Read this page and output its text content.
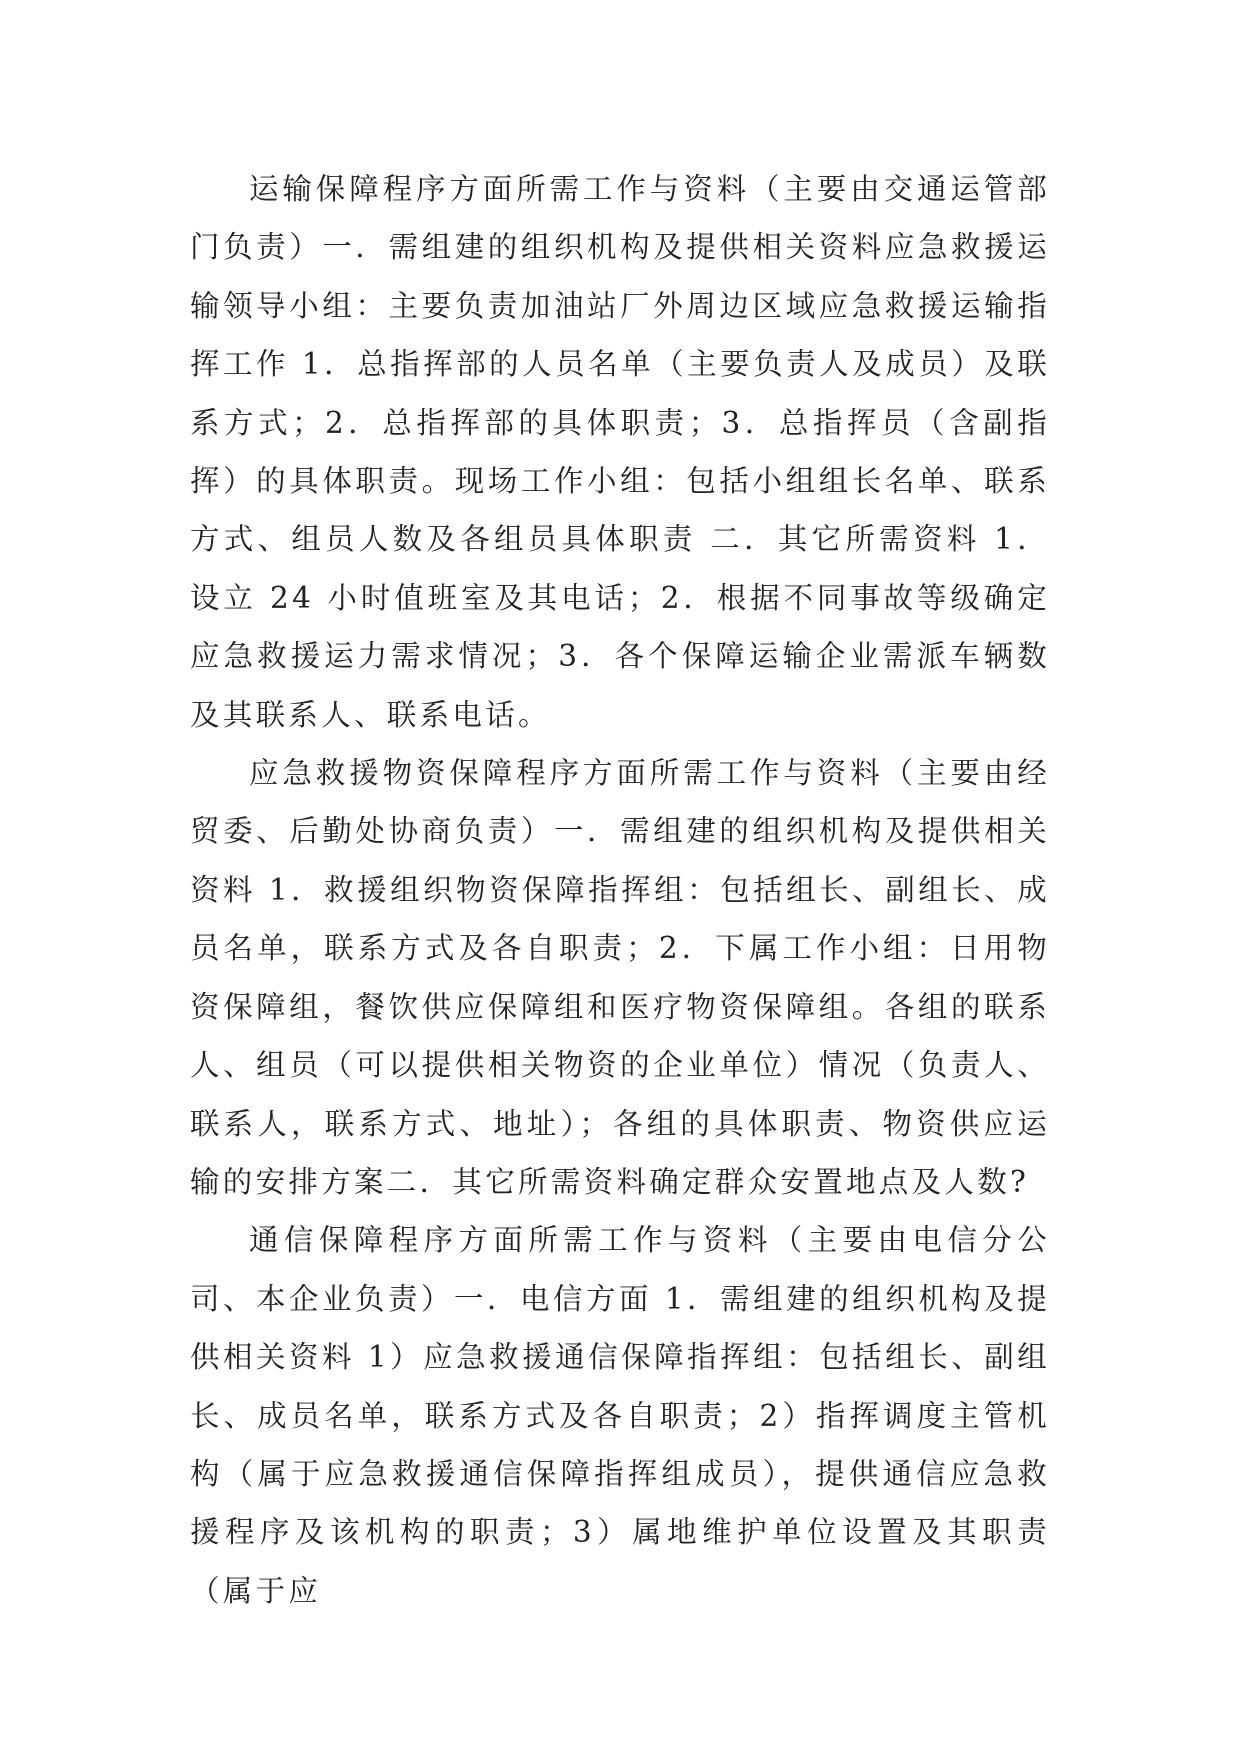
运输保障程序方面所需工作与资料（主要由交通运管部门负责）一．需组建的组织机构及提供相关资料应急救援运输领导小组：主要负责加油站厂外周边区域应急救援运输指挥工作 1．总指挥部的人员名单（主要负责人及成员）及联系方式；2．总指挥部的具体职责；3．总指挥员（含副指挥）的具体职责。现场工作小组：包括小组组长名单、联系方式、组员人数及各组员具体职责 二．其它所需资料 1．设立 24 小时值班室及其电话；2．根据不同事故等级确定应急救援运力需求情况；3．各个保障运输企业需派车辆数及其联系人、联系电话。

应急救援物资保障程序方面所需工作与资料（主要由经贸委、后勤处协商负责）一．需组建的组织机构及提供相关资料 1．救援组织物资保障指挥组：包括组长、副组长、成员名单，联系方式及各自职责；2．下属工作小组：日用物资保障组，餐饮供应保障组和医疗物资保障组。各组的联系人、组员（可以提供相关物资的企业单位）情况（负责人、联系人，联系方式、地址）；各组的具体职责、物资供应运输的安排方案二．其它所需资料确定群众安置地点及人数?

通信保障程序方面所需工作与资料（主要由电信分公司、本企业负责）一．电信方面 1．需组建的组织机构及提供相关资料 1）应急救援通信保障指挥组：包括组长、副组长、成员名单，联系方式及各自职责；2）指挥调度主管机构（属于应急救援通信保障指挥组成员），提供通信应急救援程序及该机构的职责；3）属地维护单位设置及其职责（属于应
